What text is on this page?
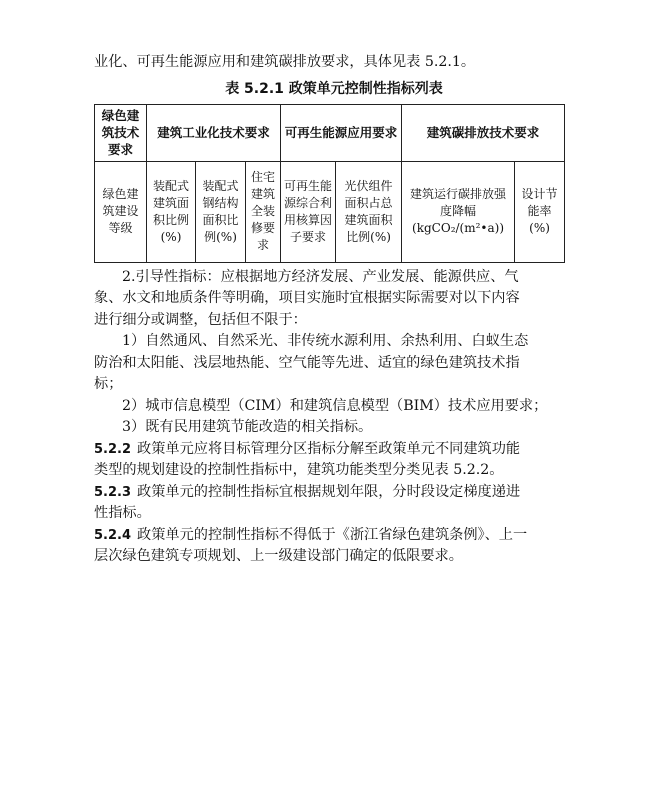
业化、可再生能源应用和建筑碳排放要求，具体见表 5.2.1。
表 5.2.1 政策单元控制性指标列表
绿色建筑技术要求	建筑工业化技术要求			可再生能源应用要求		建筑碳排放技术要求	
绿色建筑建设等级	装配式建筑面积比例(%)	装配式钢结构面积比例(%)	住宅建筑全装修要求	可再生能源综合利用核算因子要求	光伏组件面积占总建筑面积比例(%)	建筑运行碳排放强度降幅(kgCO₂/(m²•a))	设计节能率(%)
2.引导性指标：应根据地方经济发展、产业发展、能源供应、气
象、水文和地质条件等明确，项目实施时宜根据实际需要对以下内容
进行细分或调整，包括但不限于：
1）自然通风、自然采光、非传统水源利用、余热利用、白蚁生态
防治和太阳能、浅层地热能、空气能等先进、适宜的绿色建筑技术指
标；
2）城市信息模型（CIM）和建筑信息模型（BIM）技术应用要求；
3）既有民用建筑节能改造的相关指标。
5.2.2 政策单元应将目标管理分区指标分解至政策单元不同建筑功能
类型的规划建设的控制性指标中，建筑功能类型分类见表 5.2.2。
5.2.3 政策单元的控制性指标宜根据规划年限，分时段设定梯度递进
性指标。
5.2.4 政策单元的控制性指标不得低于《浙江省绿色建筑条例》、上一
层次绿色建筑专项规划、上一级建设部门确定的低限要求。
